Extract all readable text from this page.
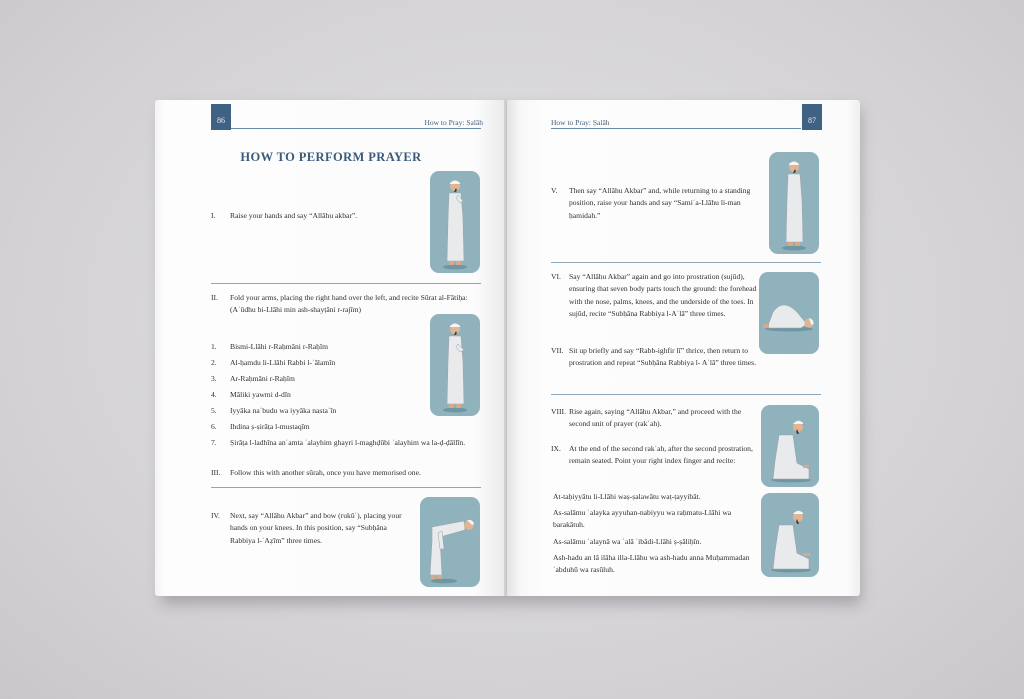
86	How to Pray: Ṣalāh
HOW TO PERFORM PRAYER
I. Raise your hands and say “Allāhu akbar”.
II. Fold your arms, placing the right hand over the left, and recite Sūrat al-Fātiḥa: (Aʿūdhu bi-Llāhi min ash-shayṭāni r-rajīm)
1. Bismi-Llāhi r-Raḥmāni r-Raḥīm
2. Al-ḥamdu li-Llāhi Rabbi l-ʿālamīn
3. Ar-Raḥmāni r-Raḥīm
4. Māliki yawmi d-dīn
5. Iyyāka naʿbudu wa iyyāka nastaʿīn
6. Ihdina ṣ-ṣirāṭa l-mustaqīm
7. Ṣirāṭa l-ladhīna anʿamta ʿalayhim ghayri l-maghḍūbi ʿalayhim wa la-ḍ-ḍāllīn.
III. Follow this with another sūrah, once you have memorised one.
IV. Next, say “Allāhu Akbar” and bow (rukūʿ), placing your hands on your knees. In this position, say “Subḥāna Rabbiya l-ʿAẓīm” three times.
87
How to Pray: Ṣalāh
V. Then say “Allāhu Akbar” and, while returning to a standing position, raise your hands and say “Samiʿa-Llāhu li-man ḥamidah.”
VI. Say “Allāhu Akbar” again and go into prostration (sujūd), ensuring that seven body parts touch the ground: the forehead with the nose, palms, knees, and the underside of the toes. In sujūd, recite “Subḥāna Rabbiya l-Aʿlā” three times.
VII. Sit up briefly and say “Rabb-ighfir lī” thrice, then return to prostration and repeat “Subḥāna Rabbiya l- Aʿlā” three times.
VIII. Rise again, saying “Allāhu Akbar,” and proceed with the second unit of prayer (rakʿah).
IX. At the end of the second rakʿah, after the second prostration, remain seated. Point your right index finger and recite:
At-taḥiyyātu li-Llāhi waṣ-ṣalawātu waṭ-ṭayyibāt.
As-salāmu ʿalayka ayyuhan-nabiyyu wa raḥmatu-Llāhi wa barakātuh.
As-salāmu ʿalaynā wa ʿalā ʿibādi-Llāhi ṣ-ṣāliḥīn.
Ash-hadu an lā ilāha illa-Llāhu wa ash-hadu anna Muḥammadan ʿabduhū wa rasūluh.
